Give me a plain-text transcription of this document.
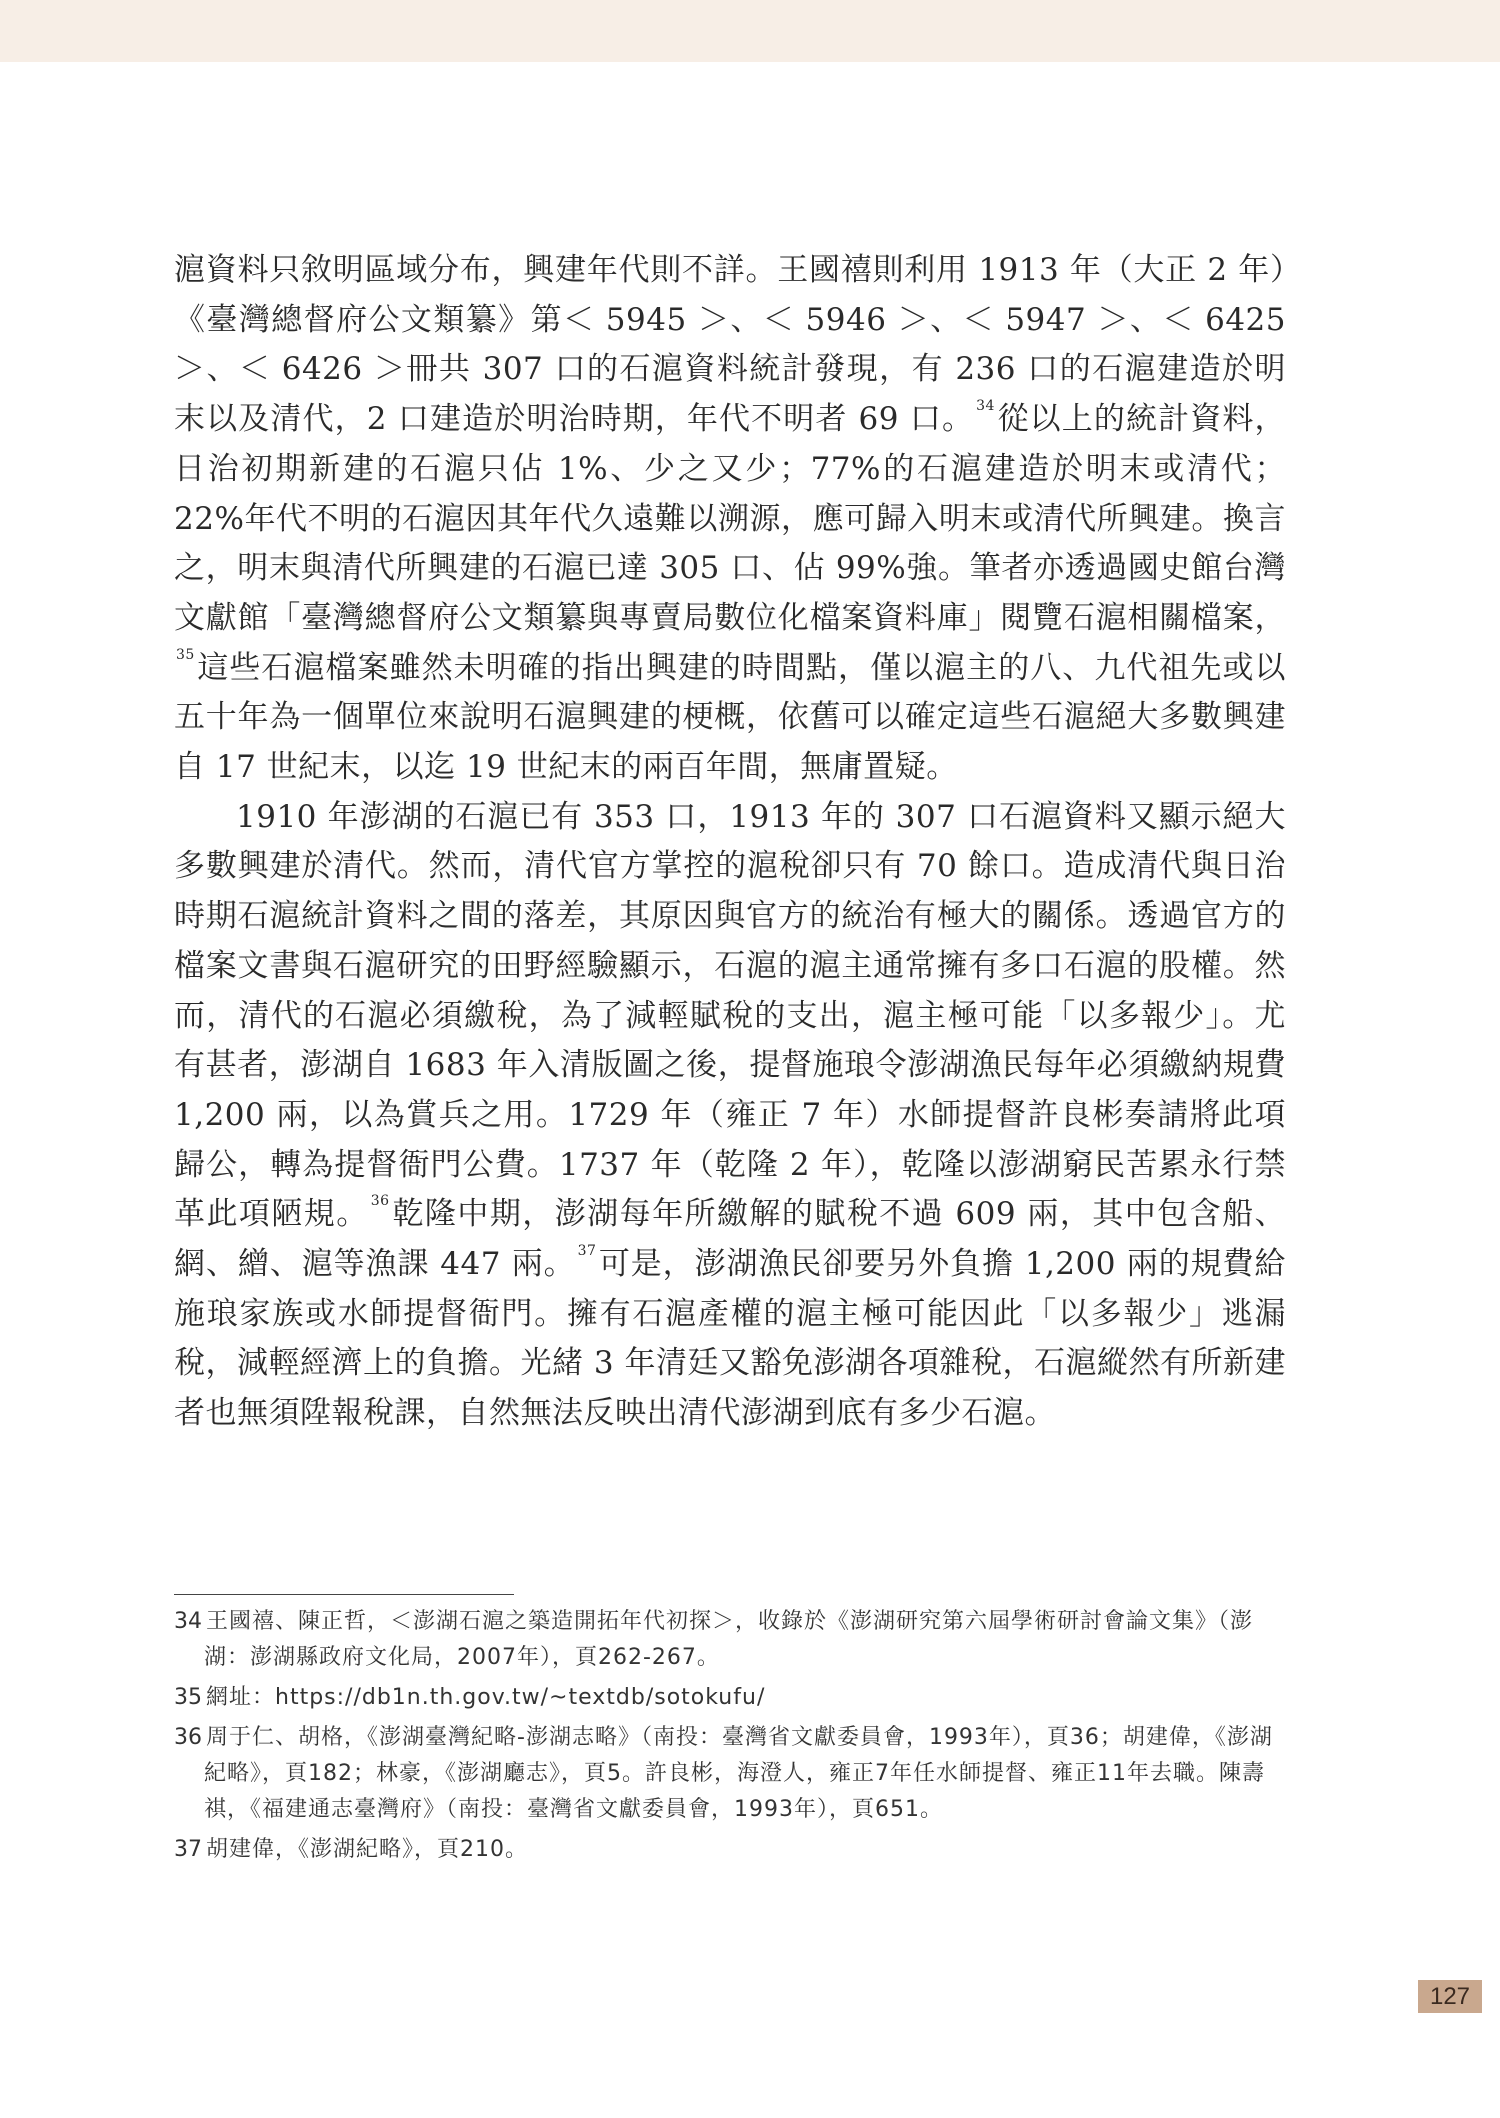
滬資料只敘明區域分布，興建年代則不詳。王國禧則利用 1913 年（大正 2 年）《臺灣總督府公文類纂》第＜ 5945 ＞、＜ 5946 ＞、＜ 5947 ＞、＜ 6425 ＞、＜ 6426 ＞冊共 307 口的石滬資料統計發現，有 236 口的石滬建造於明末以及清代，2 口建造於明治時期，年代不明者 69 口。 $^{34}$從以上的統計資料，日治初期新建的石滬只佔 1%、少之又少；77%的石滬建造於明末或清代；22%年代不明的石滬因其年代久遠難以溯源，應可歸入明末或清代所興建。換言之，明末與清代所興建的石滬已達 305 口、佔 99%強。筆者亦透過國史館台灣文獻館「臺灣總督府公文類纂與專賣局數位化檔案資料庫」閱覽石滬相關檔案，$^{35}$這些石滬檔案雖然未明確的指出興建的時間點，僅以滬主的八、九代祖先或以五十年為一個單位來說明石滬興建的梗概，依舊可以確定這些石滬絕大多數興建自 17 世紀末，以迄 19 世紀末的兩百年間，無庸置疑。

1910 年澎湖的石滬已有 353 口，1913 年的 307 口石滬資料又顯示絕大多數興建於清代。然而，清代官方掌控的滬稅卻只有 70 餘口。造成清代與日治時期石滬統計資料之間的落差，其原因與官方的統治有極大的關係。透過官方的檔案文書與石滬研究的田野經驗顯示，石滬的滬主通常擁有多口石滬的股權。然而，清代的石滬必須繳稅，為了減輕賦稅的支出，滬主極可能「以多報少」。尤有甚者，澎湖自 1683 年入清版圖之後，提督施琅令澎湖漁民每年必須繳納規費 1,200 兩，以為賞兵之用。1729 年（雍正 7 年）水師提督許良彬奏請將此項歸公，轉為提督衙門公費。1737 年（乾隆 2 年），乾隆以澎湖窮民苦累永行禁革此項陋規。 $^{36}$乾隆中期，澎湖每年所繳解的賦稅不過 609 兩，其中包含船、網、繒、滬等漁課 447 兩。 $^{37}$可是，澎湖漁民卻要另外負擔 1,200 兩的規費給施琅家族或水師提督衙門。擁有石滬產權的滬主極可能因此「以多報少」逃漏稅，減輕經濟上的負擔。光緒 3 年清廷又豁免澎湖各項雜稅，石滬縱然有所新建者也無須陞報稅課，自然無法反映出清代澎湖到底有多少石滬。

34 王國禧、陳正哲，＜澎湖石滬之築造開拓年代初探＞，收錄於《澎湖研究第六屆學術研討會論文集》（澎湖：澎湖縣政府文化局，2007年），頁262-267。
35 網址：https://db1n.th.gov.tw/~textdb/sotokufu/
36 周于仁、胡格，《澎湖臺灣紀略-澎湖志略》（南投：臺灣省文獻委員會，1993年），頁36；胡建偉，《澎湖紀略》，頁182；林豪，《澎湖廳志》，頁5。許良彬，海澄人，雍正7年任水師提督、雍正11年去職。陳壽祺，《福建通志臺灣府》（南投：臺灣省文獻委員會，1993年），頁651。
37 胡建偉，《澎湖紀略》，頁210。
127
